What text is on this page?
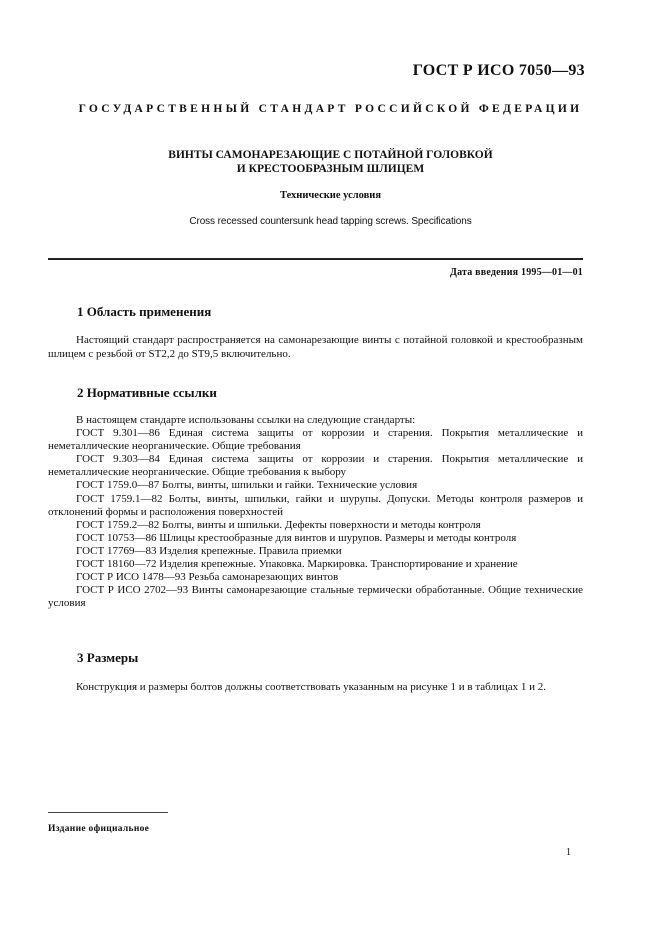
ГОСТ Р ИСО 7050—93
ГОСУДАРСТВЕННЫЙ СТАНДАРТ РОССИЙСКОЙ ФЕДЕРАЦИИ
ВИНТЫ САМОНАРЕЗАЮЩИЕ С ПОТАЙНОЙ ГОЛОВКОЙ
И КРЕСТООБРАЗНЫМ ШЛИЦЕМ
Технические условия
Cross recessed countersunk head tapping screws. Specifications
Дата введения 1995—01—01
1 Область применения
Настоящий стандарт распространяется на самонарезающие винты с потайной головкой и крестообразным шлицем с резьбой от ST2,2 до ST9,5 включительно.
2 Нормативные ссылки

В настоящем стандарте использованы ссылки на следующие стандарты:

ГОСТ 9.301—86 Единая система защиты от коррозии и старения. Покрытия металлические и неметаллические неорганические. Общие требования

ГОСТ 9.303—84 Единая система защиты от коррозии и старения. Покрытия металлические и неметаллические неорганические. Общие требования к выбору

ГОСТ 1759.0—87 Болты, винты, шпильки и гайки. Технические условия

ГОСТ 1759.1—82 Болты, винты, шпильки, гайки и шурупы. Допуски. Методы контроля размеров и отклонений формы и расположения поверхностей

ГОСТ 1759.2—82 Болты, винты и шпильки. Дефекты поверхности и методы контроля

ГОСТ 10753—86 Шлицы крестообразные для винтов и шурупов. Размеры и методы контроля

ГОСТ 17769—83 Изделия крепежные. Правила приемки

ГОСТ 18160—72 Изделия крепежные. Упаковка. Маркировка. Транспортирование и хранение

ГОСТ Р ИСО 1478—93 Резьба самонарезающих винтов

ГОСТ Р ИСО 2702—93 Винты самонарезающие стальные термически обработанные. Общие технические условия

3 Размеры
Конструкция и размеры болтов должны соответствовать указанным на рисунке 1 и в таблицах 1 и 2.
Издание официальное
1
